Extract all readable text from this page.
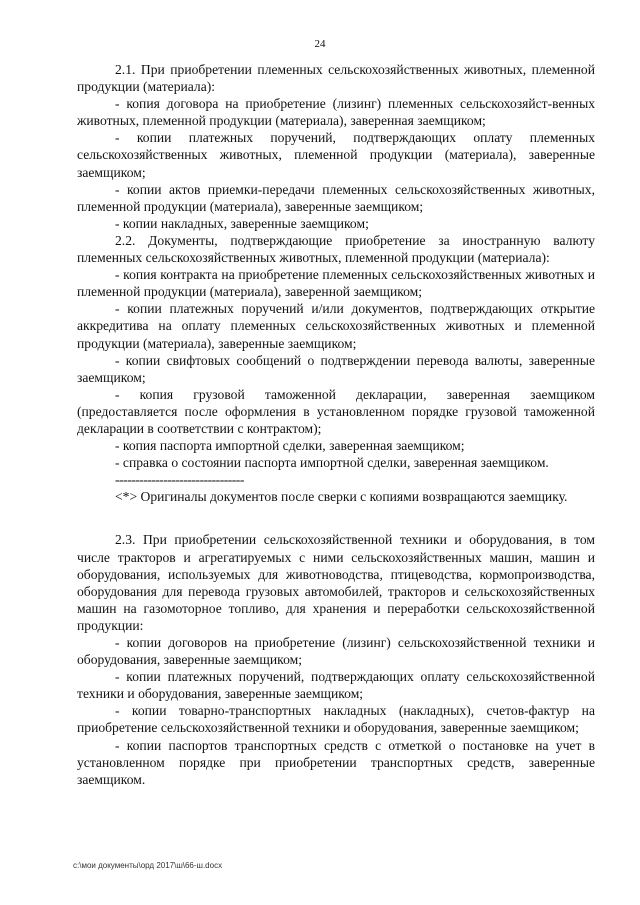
24

2.1. При приобретении племенных сельскохозяйственных животных, племенной продукции (материала):

- копия договора на приобретение (лизинг) племенных сельскохозяйст-венных животных, племенной продукции (материала), заверенная заемщиком;

- копии платежных поручений, подтверждающих оплату племенных сельскохозяйственных животных, племенной продукции (материала), заверенные заемщиком;

- копии актов приемки-передачи племенных сельскохозяйственных животных, племенной продукции (материала), заверенные заемщиком;

- копии накладных, заверенные заемщиком;

2.2. Документы, подтверждающие приобретение за иностранную валюту племенных сельскохозяйственных животных, племенной продукции (материала):

- копия контракта на приобретение племенных сельскохозяйственных животных и племенной продукции (материала), заверенной заемщиком;

- копии платежных поручений и/или документов, подтверждающих открытие аккредитива на оплату племенных сельскохозяйственных животных и племенной продукции (материала), заверенные заемщиком;

- копии свифтовых сообщений о подтверждении перевода валюты, заверенные заемщиком;

- копия грузовой таможенной декларации, заверенная заемщиком (предоставляется после оформления в установленном порядке грузовой таможенной декларации в соответствии с контрактом);

- копия паспорта импортной сделки, заверенная заемщиком;

- справка о состоянии паспорта импортной сделки, заверенная заемщиком.

--------------------------------

<*> Оригиналы документов после сверки с копиями возвращаются заемщику.

2.3. При приобретении сельскохозяйственной техники и оборудования, в том числе тракторов и агрегатируемых с ними сельскохозяйственных машин, машин и оборудования, используемых для животноводства, птицеводства, кормопроизводства, оборудования для перевода грузовых автомобилей, тракторов и сельскохозяйственных машин на газомоторное топливо, для хранения и переработки сельскохозяйственной продукции:

- копии договоров на приобретение (лизинг) сельскохозяйственной техники и оборудования, заверенные заемщиком;

- копии платежных поручений, подтверждающих оплату сельскохозяйственной техники и оборудования, заверенные заемщиком;

- копии товарно-транспортных накладных (накладных), счетов-фактур на приобретение сельскохозяйственной техники и оборудования, заверенные заемщиком;

- копии паспортов транспортных средств с отметкой о постановке на учет в установленном порядке при приобретении транспортных средств, заверенные заемщиком.

c:\мои документы\орд 2017\ш\66-ш.docx
